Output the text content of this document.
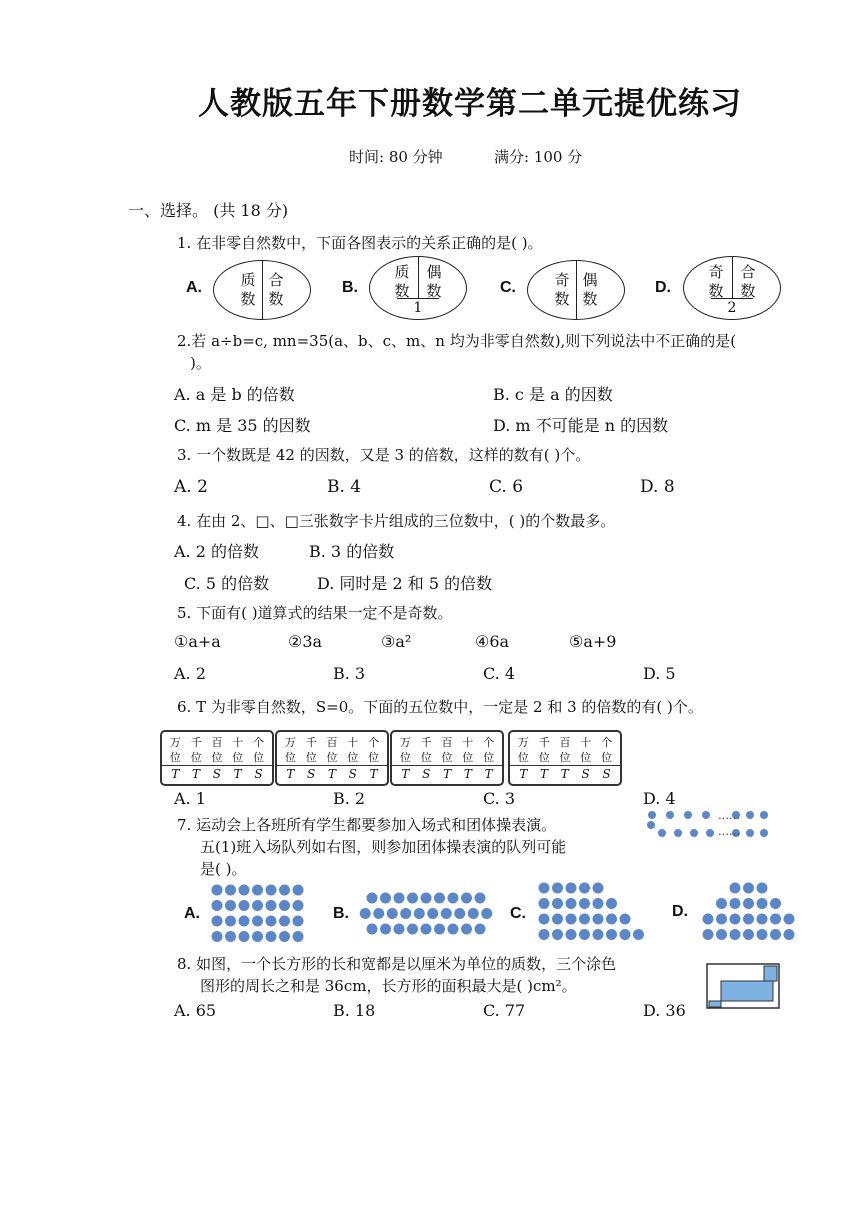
人教版五年下册数学第二单元提优练习
时间: 80 分钟	满分: 100 分
一、选择。 (共 18 分)
1. 在非零自然数中，下面各图表示的关系正确的是( )。
A.	质数
合数
B.
质数
偶数
1
C.	奇数
偶数
D.
奇数
合数
2
2.若 a÷b=c, mn=35(a、b、c、m、n 均为非零自然数),则下列说法中不正确的是(
)。
A. a 是 b 的倍数	B. c 是 a 的因数
C. m 是 35 的因数	D. m 不可能是 n 的因数
3. 一个数既是 42 的因数，又是 3 的倍数，这样的数有( )个。
A. 2	B. 4	C. 6	D. 8
4. 在由 2、□、□三张数字卡片组成的三位数中，( )的个数最多。
A. 2 的倍数	B. 3 的倍数
C. 5 的倍数	D. 同时是 2 和 5 的倍数
5. 下面有( )道算式的结果一定不是奇数。
①a+a	②3a	③a²	④6a	⑤a+9
A. 2	B. 3	C. 4	D. 5
6. T 为非零自然数，S=0。下面的五位数中，一定是 2 和 3 的倍数的有( )个。
万 千 百 十 个
位 位 位 位 位
T T S T S
万 千 百 十 个
位 位 位 位 位
T S T S T
万 千 百 十 个
位 位 位 位 位
T S T T T
万 千 百 十 个
位 位 位 位 位
T T T S S
A. 1	B. 2	C. 3	D. 4
7. 运动会上各班所有学生都要参加入场式和团体操表演。
五(1)班入场队列如右图，则参加团体操表演的队列可能
是( )。
……
……
A.	B.	C.	D.
8. 如图，一个长方形的长和宽都是以厘米为单位的质数，三个涂色
图形的周长之和是 36cm，长方形的面积最大是( )cm²。
A. 65	B. 18	C. 77	D. 36
